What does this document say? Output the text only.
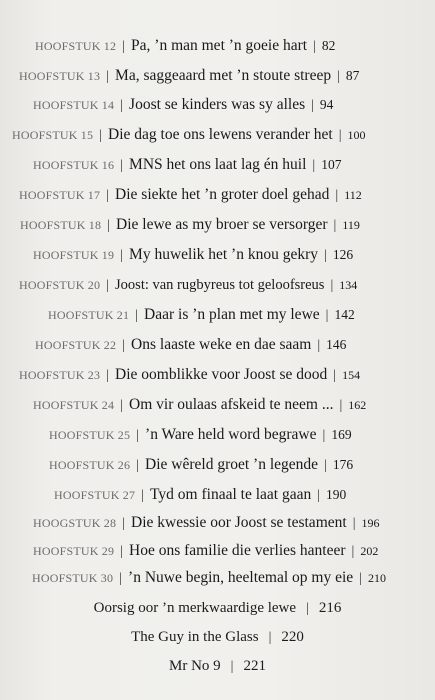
HOOFSTUK 12 | Pa, ’n man met ’n goeie hart | 82
HOOFSTUK 13 | Ma, saggeaard met ’n stoute streep | 87
HOOFSTUK 14 | Joost se kinders was sy alles | 94
HOOFSTUK 15 | Die dag toe ons lewens verander het | 100
HOOFSTUK 16 | MNS het ons laat lag én huil | 107
HOOFSTUK 17 | Die siekte het ’n groter doel gehad | 112
HOOFSTUK 18 | Die lewe as my broer se versorger | 119
HOOFSTUK 19 | My huwelik het ’n knou gekry | 126
HOOFSTUK 20 | Joost: van rugbyreus tot geloofsreus | 134
HOOFSTUK 21 | Daar is ’n plan met my lewe | 142
HOOFSTUK 22 | Ons laaste weke en dae saam | 146
HOOFSTUK 23 | Die oomblikke voor Joost se dood | 154
HOOFSTUK 24 | Om vir oulaas afskeid te neem ... | 162
HOOFSTUK 25 | ’n Ware held word begrawe | 169
HOOFSTUK 26 | Die wêreld groet ’n legende | 176
HOOFSTUK 27 | Tyd om finaal te laat gaan | 190
HOOGSTUK 28 | Die kwessie oor Joost se testament | 196
HOOFSTUK 29 | Hoe ons familie die verlies hanteer | 202
HOOFSTUK 30 | ’n Nuwe begin, heeltemal op my eie | 210
Oorsig oor ’n merkwaardige lewe | 216
The Guy in the Glass | 220
Mr No 9 | 221
